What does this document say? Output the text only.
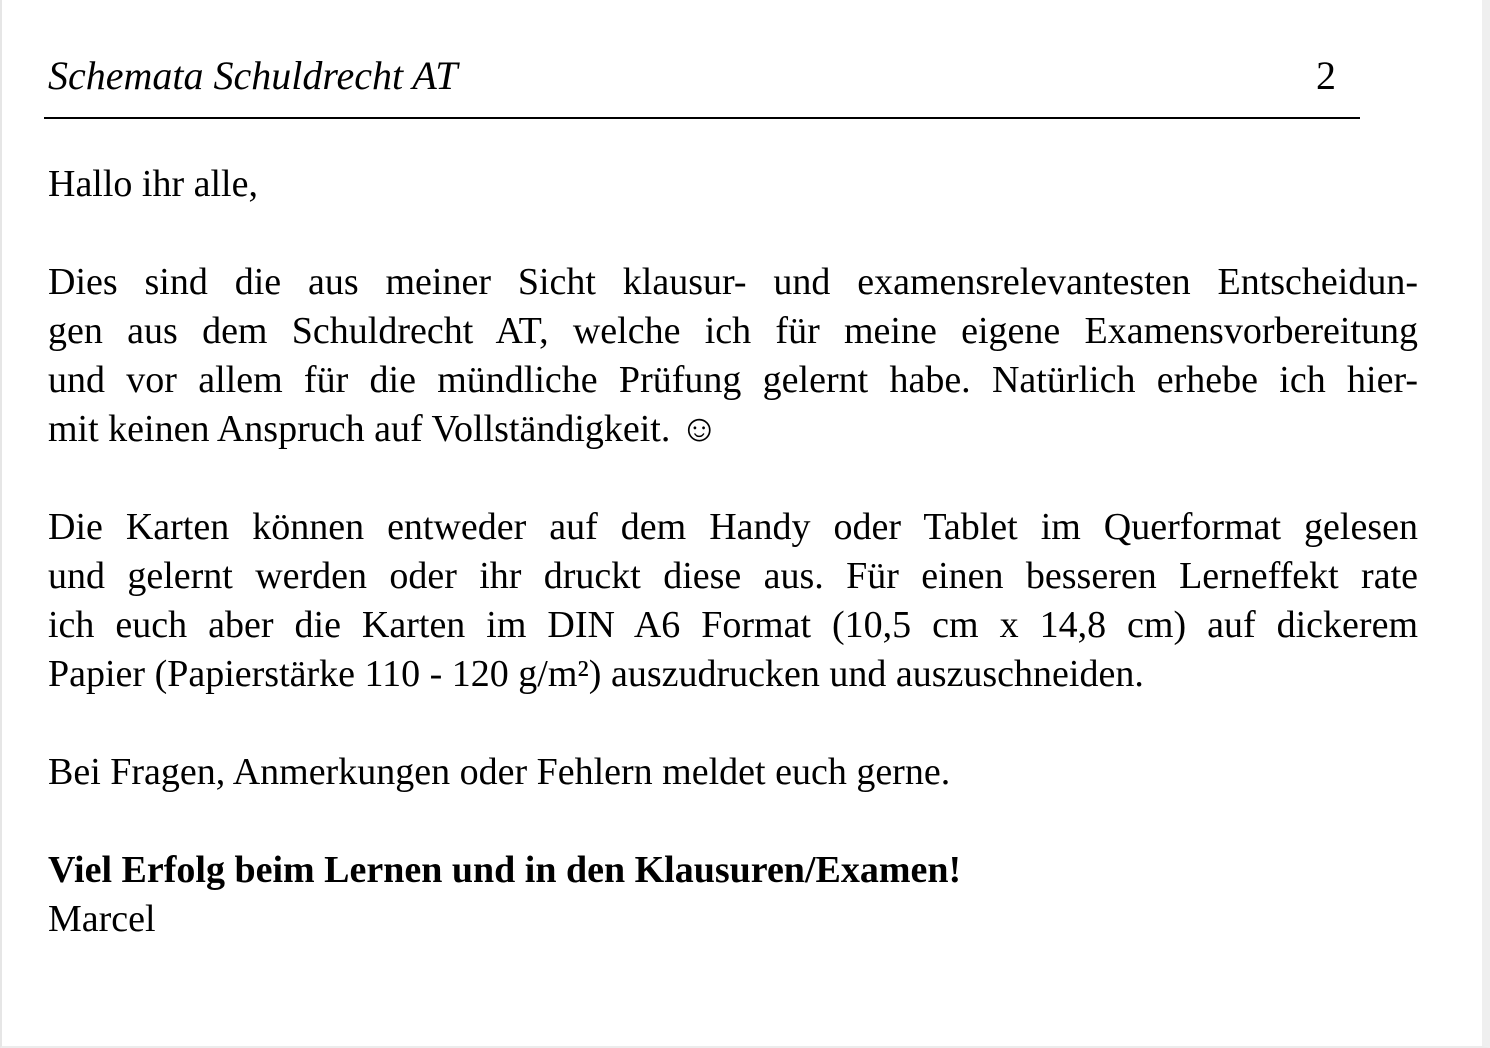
Schemata Schuldrecht AT	2

Hallo ihr alle,

Dies sind die aus meiner Sicht klausur- und examensrelevantesten Entscheidun-

gen aus dem Schuldrecht AT, welche ich für meine eigene Examensvorbereitung

und vor allem für die mündliche Prüfung gelernt habe. Natürlich erhebe ich hier-

mit keinen Anspruch auf Vollständigkeit. ☺

Die Karten können entweder auf dem Handy oder Tablet im Querformat gelesen

und gelernt werden oder ihr druckt diese aus. Für einen besseren Lerneffekt rate

ich euch aber die Karten im DIN A6 Format (10,5 cm x 14,8 cm) auf dickerem

Papier (Papierstärke 110 - 120 g/m²) auszudrucken und auszuschneiden.

Bei Fragen, Anmerkungen oder Fehlern meldet euch gerne.

Viel Erfolg beim Lernen und in den Klausuren/Examen!

Marcel
